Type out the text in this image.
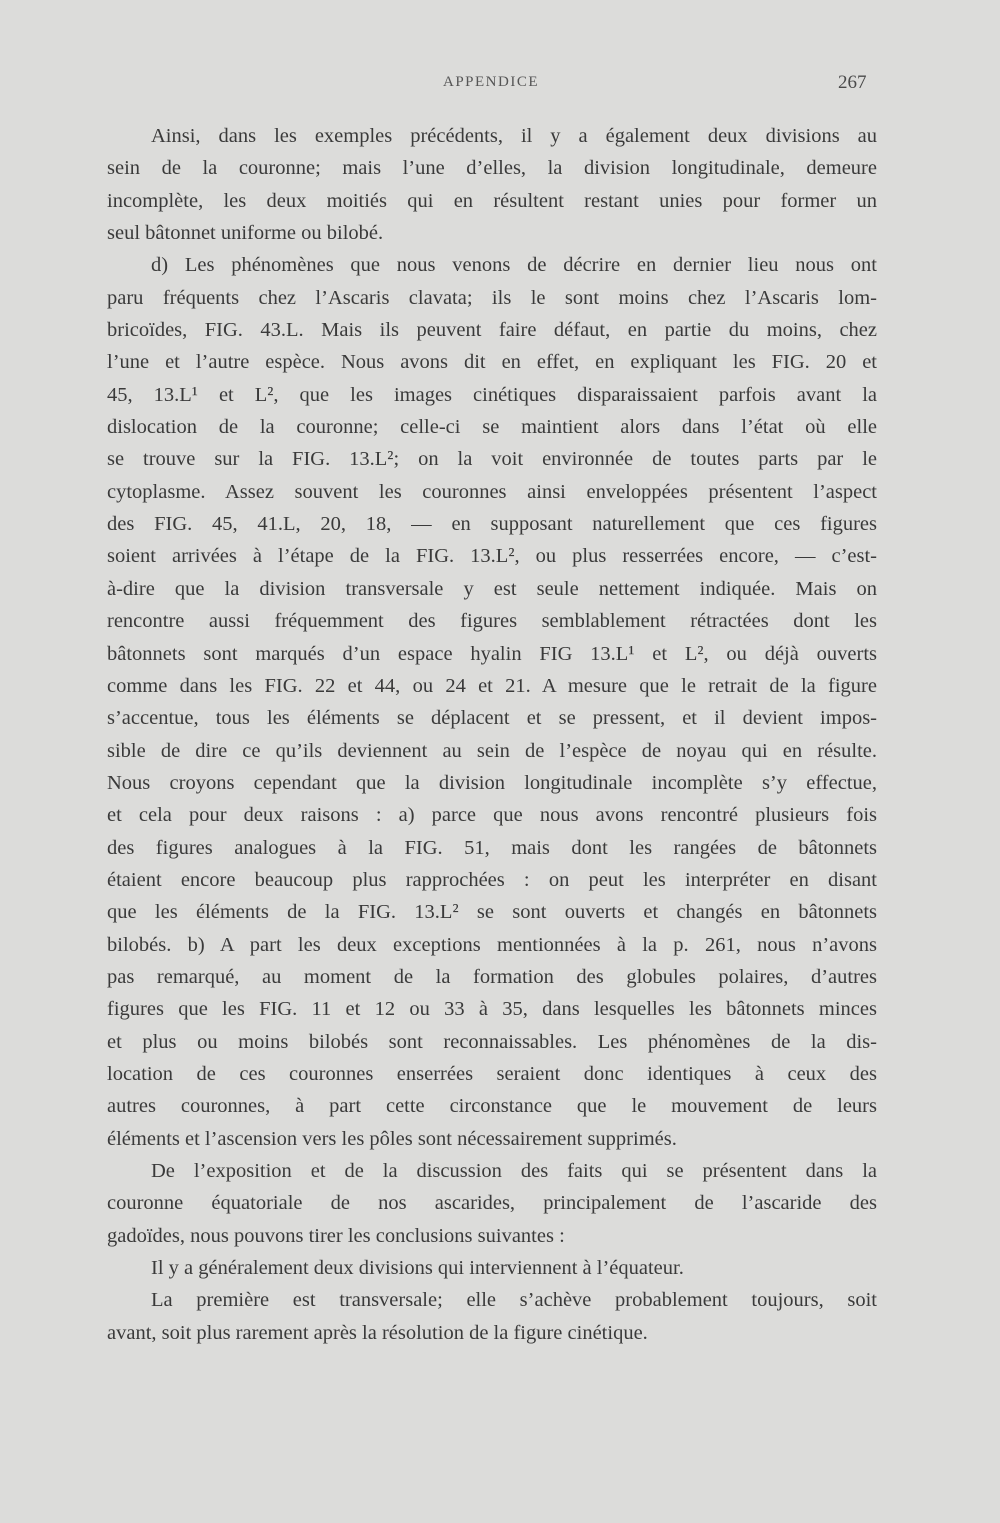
APPENDICE	267
Ainsi, dans les exemples précédents, il y a également deux divisions au
sein de la couronne; mais l’une d’elles, la division longitudinale, demeure
incomplète, les deux moitiés qui en résultent restant unies pour former un
seul bâtonnet uniforme ou bilobé.
d) Les phénomènes que nous venons de décrire en dernier lieu nous ont
paru fréquents chez l’Ascaris clavata; ils le sont moins chez l’Ascaris lom-
bricoïdes, FIG. 43.L. Mais ils peuvent faire défaut, en partie du moins, chez
l’une et l’autre espèce. Nous avons dit en effet, en expliquant les FIG. 20 et
45, 13.L¹ et L², que les images cinétiques disparaissaient parfois avant la
dislocation de la couronne; celle-ci se maintient alors dans l’état où elle
se trouve sur la FIG. 13.L²; on la voit environnée de toutes parts par le
cytoplasme. Assez souvent les couronnes ainsi enveloppées présentent l’aspect
des FIG. 45, 41.L, 20, 18, — en supposant naturellement que ces figures
soient arrivées à l’étape de la FIG. 13.L², ou plus resserrées encore, — c’est-
à-dire que la division transversale y est seule nettement indiquée. Mais on
rencontre aussi fréquemment des figures semblablement rétractées dont les
bâtonnets sont marqués d’un espace hyalin FIG 13.L¹ et L², ou déjà ouverts
comme dans les FIG. 22 et 44, ou 24 et 21. A mesure que le retrait de la figure
s’accentue, tous les éléments se déplacent et se pressent, et il devient impos-
sible de dire ce qu’ils deviennent au sein de l’espèce de noyau qui en résulte.
Nous croyons cependant que la division longitudinale incomplète s’y effectue,
et cela pour deux raisons : a) parce que nous avons rencontré plusieurs fois
des figures analogues à la FIG. 51, mais dont les rangées de bâtonnets
étaient encore beaucoup plus rapprochées : on peut les interpréter en disant
que les éléments de la FIG. 13.L² se sont ouverts et changés en bâtonnets
bilobés. b) A part les deux exceptions mentionnées à la p. 261, nous n’avons
pas remarqué, au moment de la formation des globules polaires, d’autres
figures que les FIG. 11 et 12 ou 33 à 35, dans lesquelles les bâtonnets minces
et plus ou moins bilobés sont reconnaissables. Les phénomènes de la dis-
location de ces couronnes enserrées seraient donc identiques à ceux des
autres couronnes, à part cette circonstance que le mouvement de leurs
éléments et l’ascension vers les pôles sont nécessairement supprimés.
De l’exposition et de la discussion des faits qui se présentent dans la
couronne équatoriale de nos ascarides, principalement de l’ascaride des
gadoïdes, nous pouvons tirer les conclusions suivantes :
Il y a généralement deux divisions qui interviennent à l’équateur.
La première est transversale; elle s’achève probablement toujours, soit
avant, soit plus rarement après la résolution de la figure cinétique.
